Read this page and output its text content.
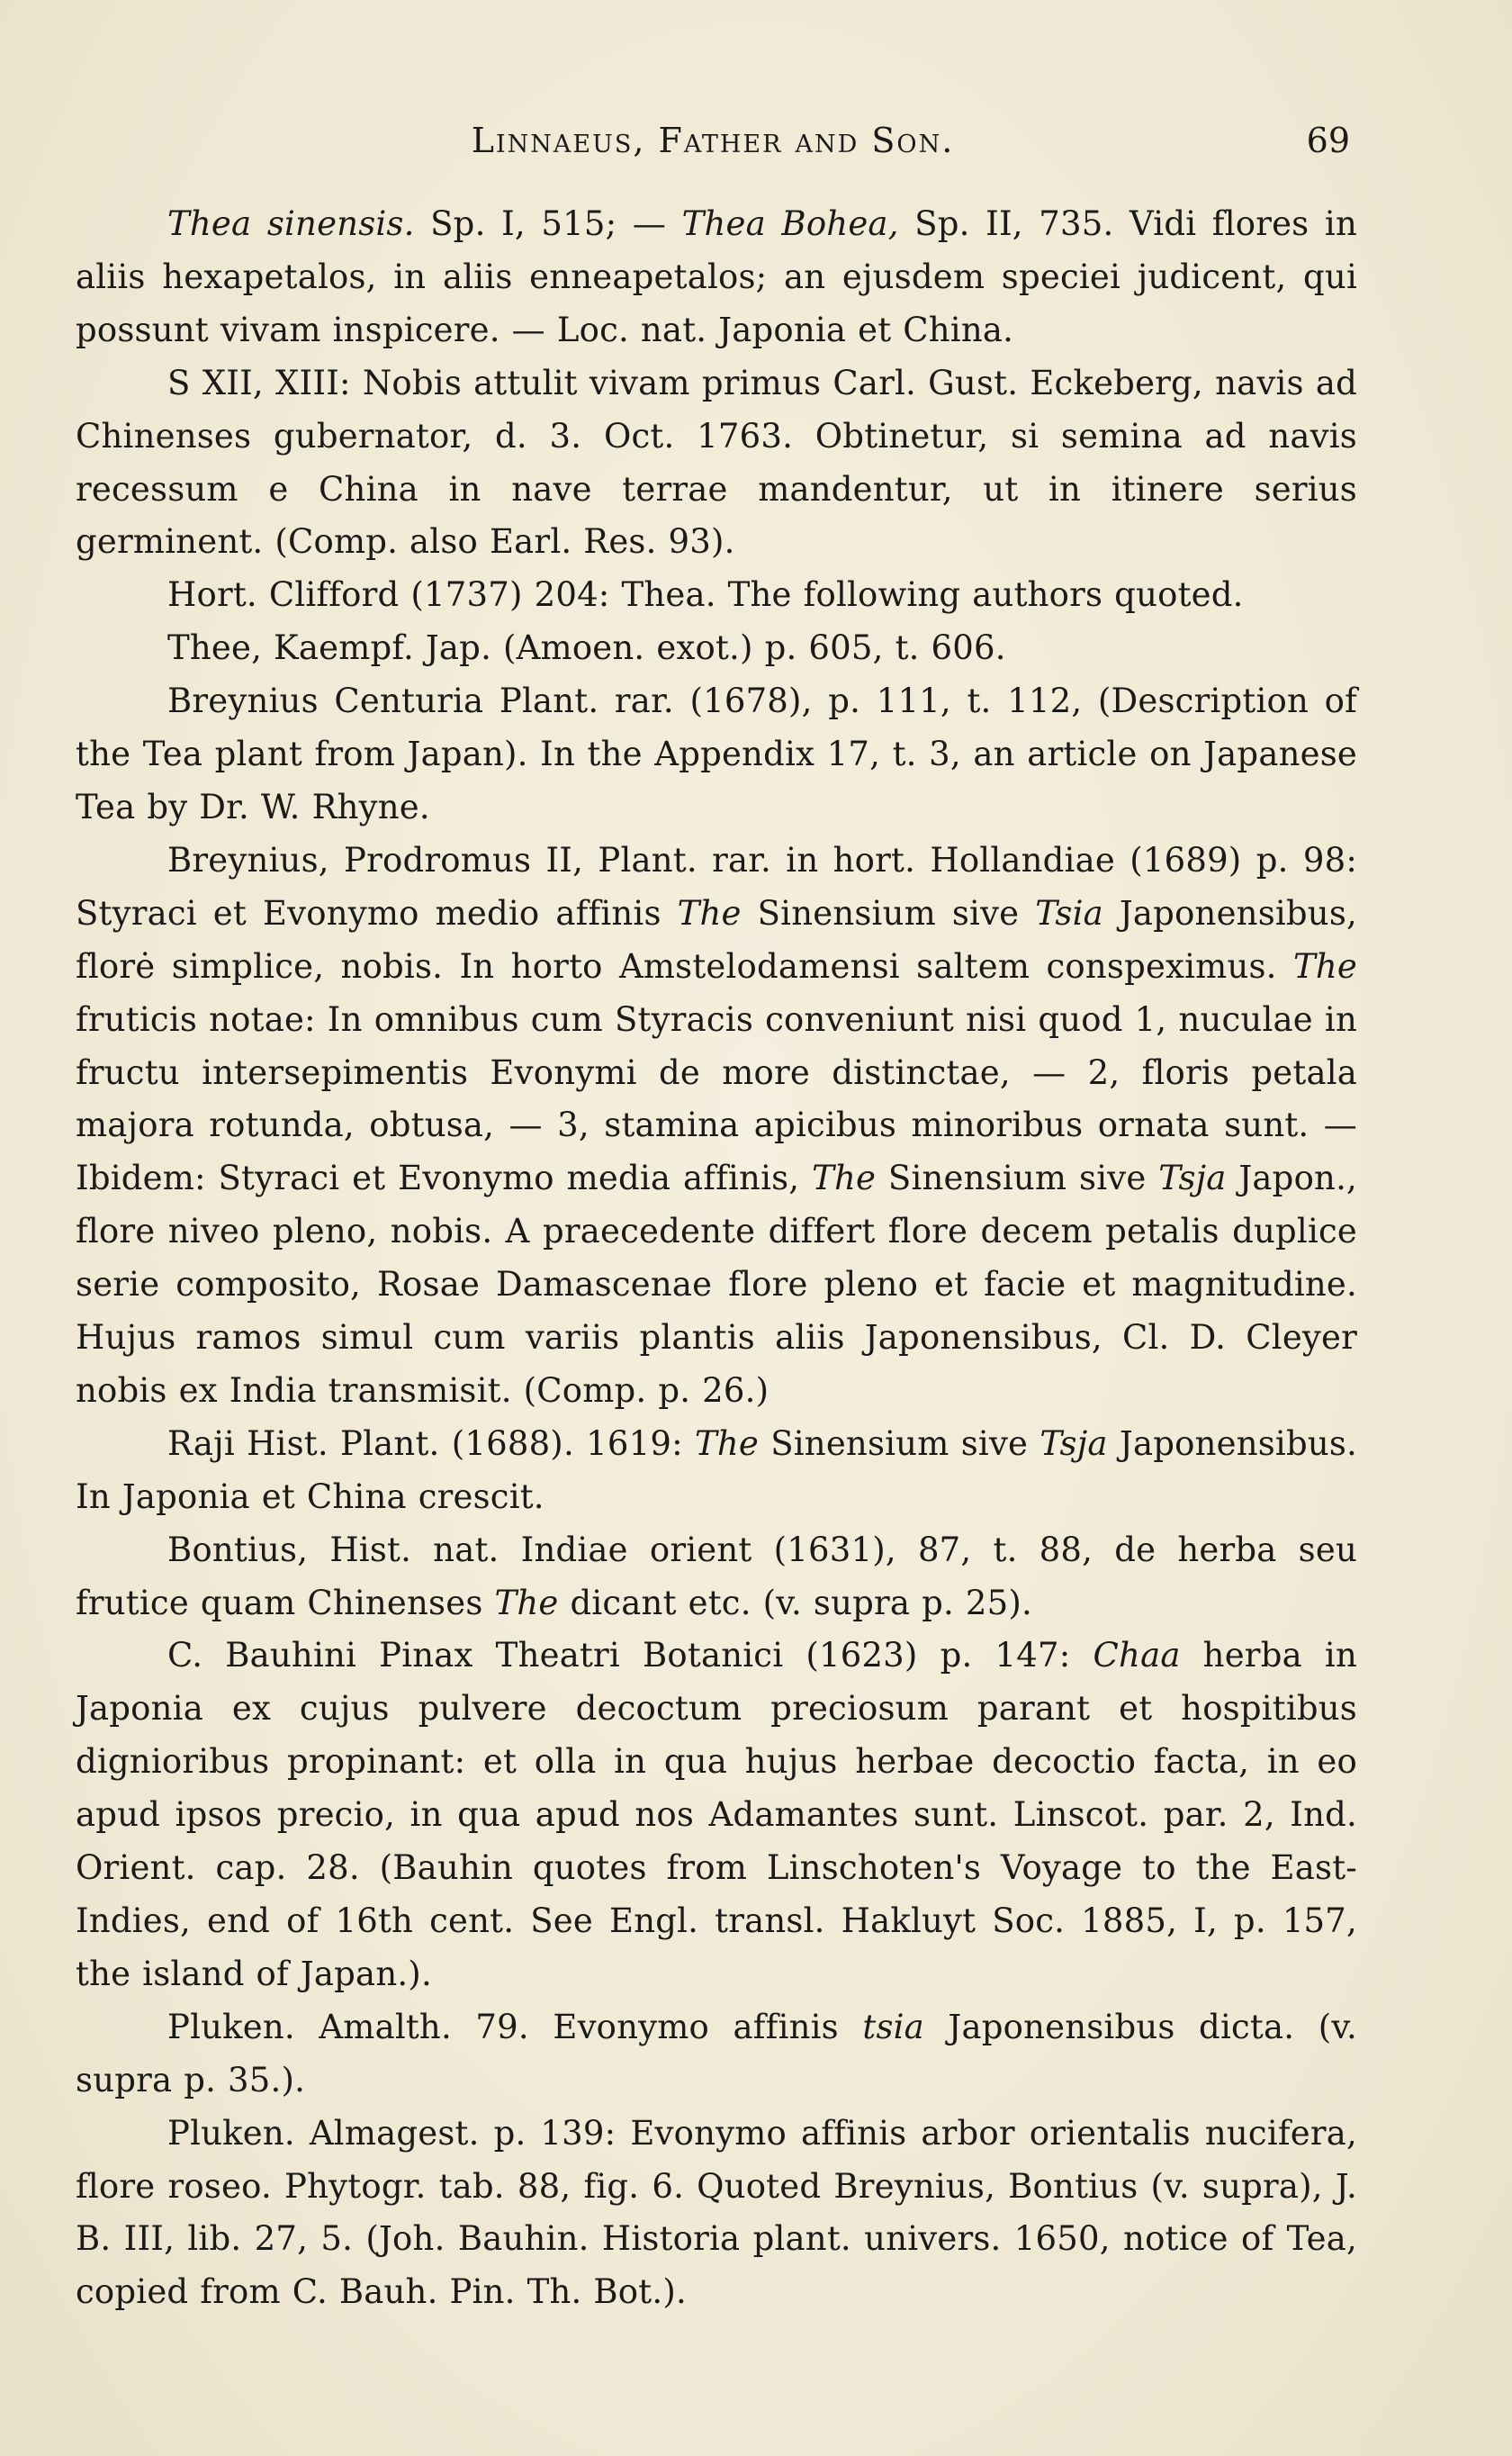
Linnaeus, Father and Son.	69

Thea sinensis. Sp. I, 515; — Thea Bohea, Sp. II, 735. Vidi flores in aliis hexapetalos, in aliis enneapetalos; an ejusdem speciei judicent, qui possunt vivam inspicere. — Loc. nat. Japonia et China.

S XII, XIII: Nobis attulit vivam primus Carl. Gust. Eckeberg, navis ad Chinenses gubernator, d. 3. Oct. 1763. Obtinetur, si semina ad navis recessum e China in nave terrae mandentur, ut in itinere serius germinent. (Comp. also Earl. Res. 93).

Hort. Clifford (1737) 204: Thea. The following authors quoted.

Thee, Kaempf. Jap. (Amoen. exot.) p. 605, t. 606.

Breynius Centuria Plant. rar. (1678), p. 111, t. 112, (Description of the Tea plant from Japan). In the Appendix 17, t. 3, an article on Japanese Tea by Dr. W. Rhyne.

Breynius, Prodromus II, Plant. rar. in hort. Hollandiae (1689) p. 98: Styraci et Evonymo medio affinis The Sinensium sive Tsia Japonensibus, florė simplice, nobis. In horto Amstelodamensi saltem conspeximus. The fruticis notae: In omnibus cum Styracis conveniunt nisi quod 1, nuculae in fructu intersepimentis Evonymi de more distinctae, — 2, floris petala majora rotunda, obtusa, — 3, stamina apicibus minoribus ornata sunt. — Ibidem: Styraci et Evonymo media affinis, The Sinensium sive Tsja Japon., flore niveo pleno, nobis. A praecedente differt flore decem petalis duplice serie composito, Rosae Damascenae flore pleno et facie et magnitudine. Hujus ramos simul cum variis plantis aliis Japonensibus, Cl. D. Cleyer nobis ex India transmisit. (Comp. p. 26.)

Raji Hist. Plant. (1688). 1619: The Sinensium sive Tsja Japonensibus. In Japonia et China crescit.

Bontius, Hist. nat. Indiae orient (1631), 87, t. 88, de herba seu frutice quam Chinenses The dicant etc. (v. supra p. 25).

C. Bauhini Pinax Theatri Botanici (1623) p. 147: Chaa herba in Japonia ex cujus pulvere decoctum preciosum parant et hospitibus dignioribus propinant: et olla in qua hujus herbae decoctio facta, in eo apud ipsos precio, in qua apud nos Adamantes sunt. Linscot. par. 2, Ind. Orient. cap. 28. (Bauhin quotes from Linschoten's Voyage to the East-Indies, end of 16th cent. See Engl. transl. Hakluyt Soc. 1885, I, p. 157, the island of Japan.).

Pluken. Amalth. 79. Evonymo affinis tsia Japonensibus dicta. (v. supra p. 35.).

Pluken. Almagest. p. 139: Evonymo affinis arbor orientalis nucifera, flore roseo. Phytogr. tab. 88, fig. 6. Quoted Breynius, Bontius (v. supra), J. B. III, lib. 27, 5. (Joh. Bauhin. Historia plant. univers. 1650, notice of Tea, copied from C. Bauh. Pin. Th. Bot.).
